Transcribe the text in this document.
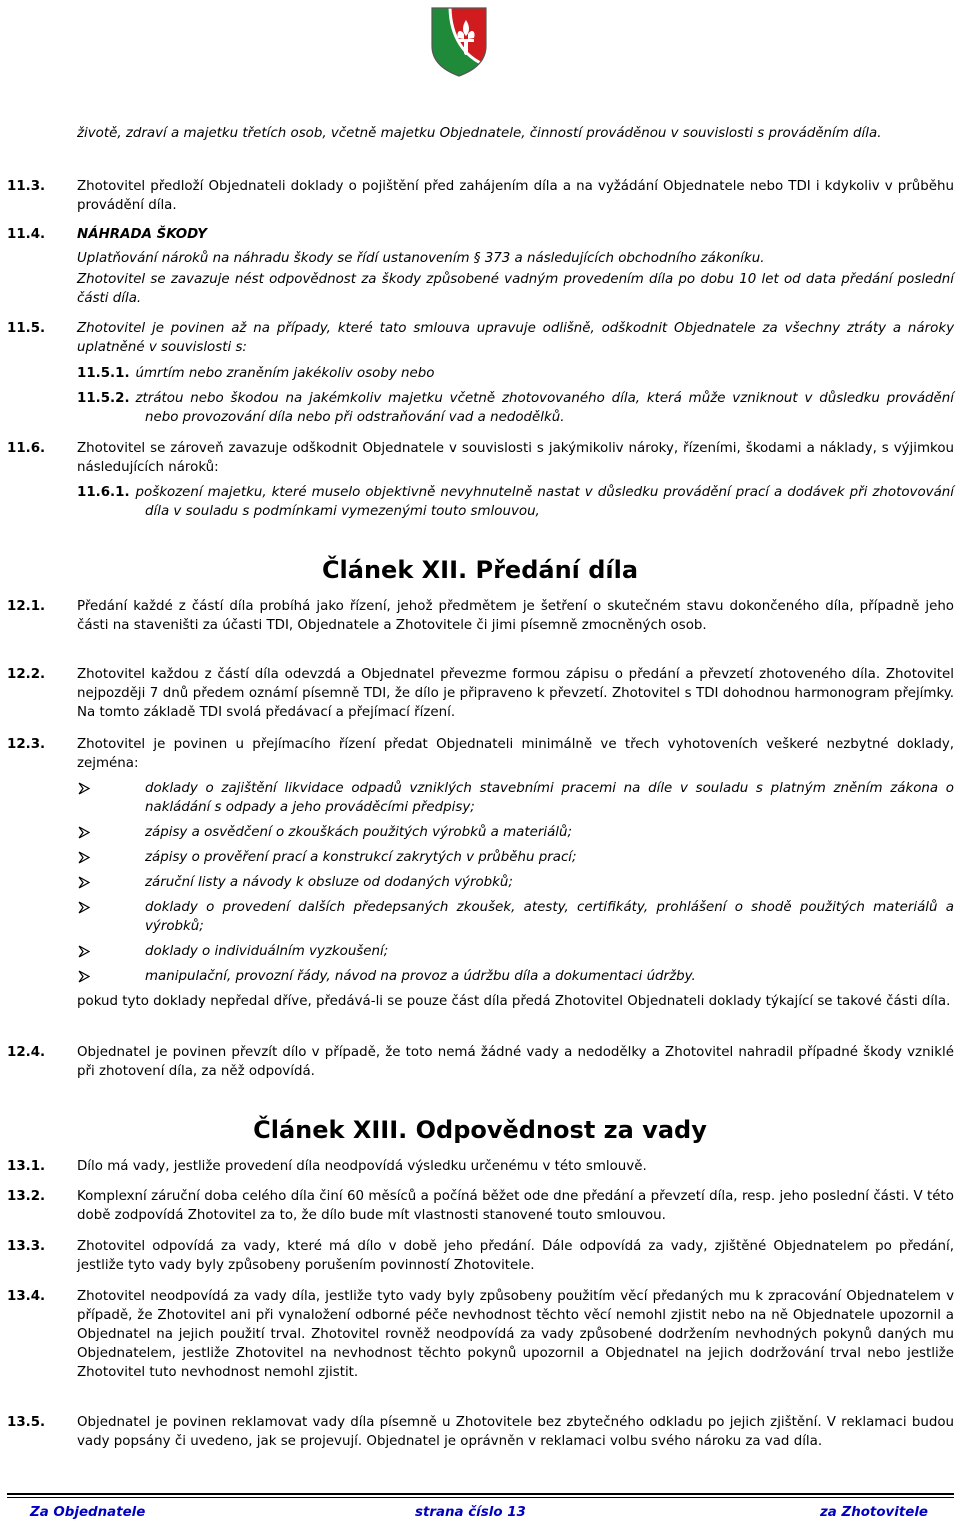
životě, zdraví a majetku třetích osob, včetně majetku Objednatele, činností prováděnou v souvislosti s prováděním díla.
11.3. Zhotovitel předloží Objednateli doklady o pojištění před zahájením díla a na vyžádání Objednatele nebo TDI i kdykoliv v průběhu provádění díla.
11.4. NÁHRADA ŠKODY
Uplatňování nároků na náhradu škody se řídí ustanovením § 373 a následujících obchodního zákoníku.
Zhotovitel se zavazuje nést odpovědnost za škody způsobené vadným provedením díla po dobu 10 let od data předání poslední části díla.
11.5. Zhotovitel je povinen až na případy, které tato smlouva upravuje odlišně, odškodnit Objednatele za všechny ztráty a nároky uplatněné v souvislosti s:
11.5.1. úmrtím nebo zraněním jakékoliv osoby nebo
11.5.2. ztrátou nebo škodou na jakémkoliv majetku včetně zhotovovaného díla, která může vzniknout v důsledku provádění nebo provozování díla nebo při odstraňování vad a nedodělků.
11.6. Zhotovitel se zároveň zavazuje odškodnit Objednatele v souvislosti s jakýmikoliv nároky, řízeními, škodami a náklady, s výjimkou následujících nároků:
11.6.1. poškození majetku, které muselo objektivně nevyhnutelně nastat v důsledku provádění prací a dodávek při zhotovování díla v souladu s podmínkami vymezenými touto smlouvou,
Článek XII. Předání díla
12.1. Předání každé z částí díla probíhá jako řízení, jehož předmětem je šetření o skutečném stavu dokončeného díla, případně jeho části na staveništi za účasti TDI, Objednatele a Zhotovitele či jimi písemně zmocněných osob.
12.2. Zhotovitel každou z částí díla odevzdá a Objednatel převezme formou zápisu o předání a převzetí zhotoveného díla. Zhotovitel nejpozději 7 dnů předem oznámí písemně TDI, že dílo je připraveno k převzetí. Zhotovitel s TDI dohodnou harmonogram přejímky. Na tomto základě TDI svolá předávací a přejímací řízení.
12.3. Zhotovitel je povinen u přejímacího řízení předat Objednateli minimálně ve třech vyhotoveních veškeré nezbytné doklady, zejména:
doklady o zajištění likvidace odpadů vzniklých stavebními pracemi na díle v souladu s platným zněním zákona o nakládání s odpady a jeho prováděcími předpisy;
zápisy a osvědčení o zkouškách použitých výrobků a materiálů;
zápisy o prověření prací a konstrukcí zakrytých v průběhu prací;
záruční listy a návody k obsluze od dodaných výrobků;
doklady o provedení dalších předepsaných zkoušek, atesty, certifikáty, prohlášení o shodě použitých materiálů a výrobků;
doklady o individuálním vyzkoušení;
manipulační, provozní řády, návod na provoz a údržbu díla a dokumentaci údržby.
pokud tyto doklady nepředal dříve, předává-li se pouze část díla předá Zhotovitel Objednateli doklady týkající se takové části díla.
12.4. Objednatel je povinen převzít dílo v případě, že toto nemá žádné vady a nedodělky a Zhotovitel nahradil případné škody vzniklé při zhotovení díla, za něž odpovídá.
Článek XIII. Odpovědnost za vady
13.1. Dílo má vady, jestliže provedení díla neodpovídá výsledku určenému v této smlouvě.
13.2. Komplexní záruční doba celého díla činí 60 měsíců a počíná běžet ode dne předání a převzetí díla, resp. jeho poslední části. V této době zodpovídá Zhotovitel za to, že dílo bude mít vlastnosti stanovené touto smlouvou.
13.3. Zhotovitel odpovídá za vady, které má dílo v době jeho předání. Dále odpovídá za vady, zjištěné Objednatelem po předání, jestliže tyto vady byly způsobeny porušením povinností Zhotovitele.
13.4. Zhotovitel neodpovídá za vady díla, jestliže tyto vady byly způsobeny použitím věcí předaných mu k zpracování Objednatelem v případě, že Zhotovitel ani při vynaložení odborné péče nevhodnost těchto věcí nemohl zjistit nebo na ně Objednatele upozornil a Objednatel na jejich použití trval. Zhotovitel rovněž neodpovídá za vady způsobené dodržením nevhodných pokynů daných mu Objednatelem, jestliže Zhotovitel na nevhodnost těchto pokynů upozornil a Objednatel na jejich dodržování trval nebo jestliže Zhotovitel tuto nevhodnost nemohl zjistit.
13.5. Objednatel je povinen reklamovat vady díla písemně u Zhotovitele bez zbytečného odkladu po jejich zjištění. V reklamaci budou vady popsány či uvedeno, jak se projevují. Objednatel je oprávněn v reklamaci volbu svého nároku za vad díla.
Za Objednatele	strana číslo 13	za Zhotovitele
